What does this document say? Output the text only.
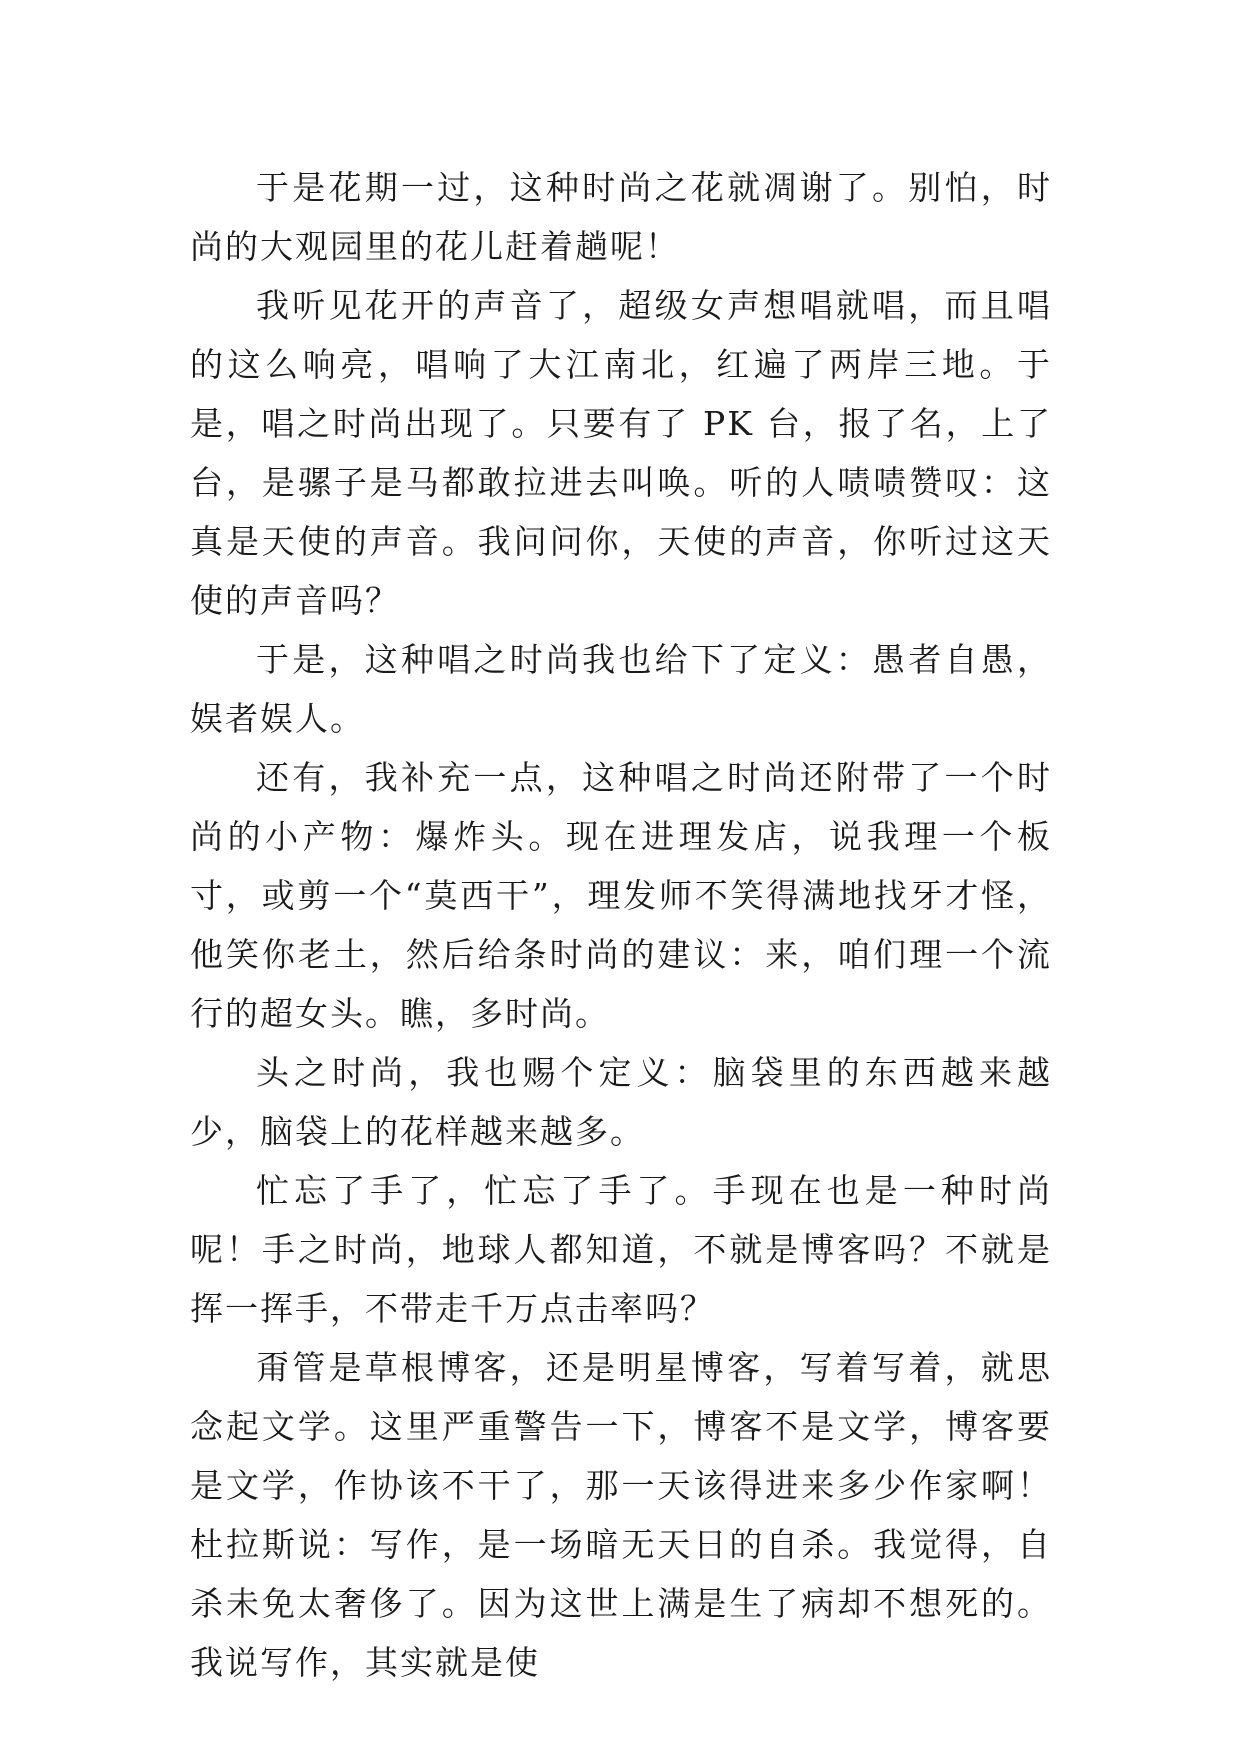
于是花期一过，这种时尚之花就凋谢了。别怕，时尚的大观园里的花儿赶着趟呢！

我听见花开的声音了，超级女声想唱就唱，而且唱的这么响亮，唱响了大江南北，红遍了两岸三地。于是，唱之时尚出现了。只要有了 PK 台，报了名，上了台，是骡子是马都敢拉进去叫唤。听的人啧啧赞叹：这真是天使的声音。我问问你，天使的声音，你听过这天使的声音吗？

于是，这种唱之时尚我也给下了定义：愚者自愚，娱者娱人。

还有，我补充一点，这种唱之时尚还附带了一个时尚的小产物：爆炸头。现在进理发店，说我理一个板寸，或剪一个“莫西干”，理发师不笑得满地找牙才怪，他笑你老土，然后给条时尚的建议：来，咱们理一个流行的超女头。瞧，多时尚。

头之时尚，我也赐个定义：脑袋里的东西越来越少，脑袋上的花样越来越多。

忙忘了手了，忙忘了手了。手现在也是一种时尚呢！手之时尚，地球人都知道，不就是博客吗？不就是挥一挥手，不带走千万点击率吗？

甭管是草根博客，还是明星博客，写着写着，就思念起文学。这里严重警告一下，博客不是文学，博客要是文学，作协该不干了，那一天该得进来多少作家啊！杜拉斯说：写作，是一场暗无天日的自杀。我觉得，自杀未免太奢侈了。因为这世上满是生了病却不想死的。我说写作，其实就是使
